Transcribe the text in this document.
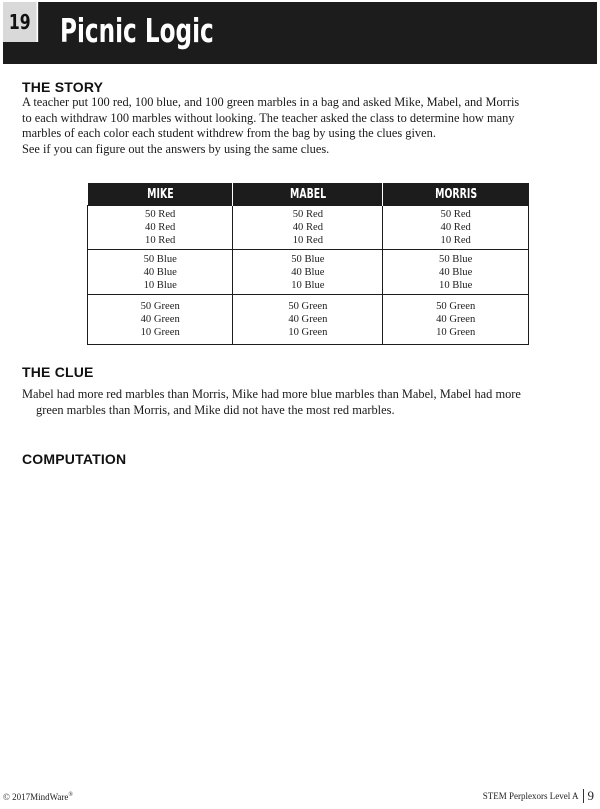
19 Picnic Logic
THE STORY
A teacher put 100 red, 100 blue, and 100 green marbles in a bag and asked Mike, Mabel, and Morris
to each withdraw 100 marbles without looking. The teacher asked the class to determine how many
marbles of each color each student withdrew from the bag by using the clues given.
See if you can figure out the answers by using the same clues.
MIKE	MABEL	MORRIS

50 Red
40 Red
10 Red	50 Red
40 Red
10 Red	50 Red
40 Red
10 Red

50 Blue
40 Blue
10 Blue	50 Blue
40 Blue
10 Blue	50 Blue
40 Blue
10 Blue

50 Green
40 Green
10 Green	50 Green
40 Green
10 Green	50 Green
40 Green
10 Green
THE CLUE
Mabel had more red marbles than Morris, Mike had more blue marbles than Mabel, Mabel had more
green marbles than Morris, and Mike did not have the most red marbles.
COMPUTATION
© 2017MindWare®	STEM Perplexors
Level A 9
